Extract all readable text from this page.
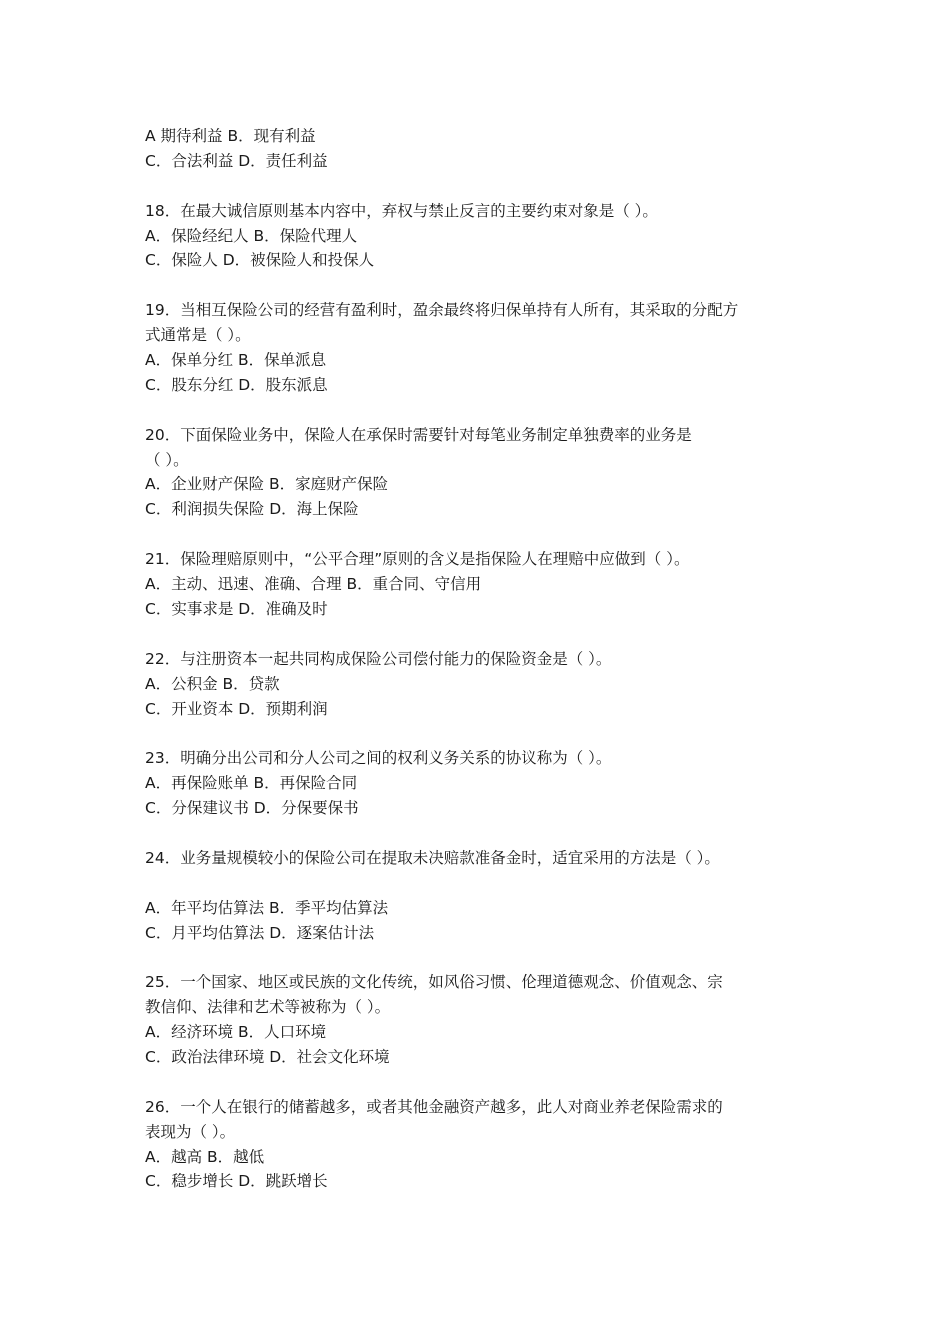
A 期待利益 B．现有利益
C．合法利益 D．责任利益
18．在最大诚信原则基本内容中，弃权与禁止反言的主要约束对象是（ ）。
A．保险经纪人 B．保险代理人
C．保险人 D．被保险人和投保人
19．当相互保险公司的经营有盈利时，盈余最终将归保单持有人所有，其采取的分配方
式通常是（ ）。
A．保单分红 B．保单派息
C．股东分红 D．股东派息
20．下面保险业务中，保险人在承保时需要针对每笔业务制定单独费率的业务是
（ ）。
A．企业财产保险 B．家庭财产保险
C．利润损失保险 D．海上保险
21．保险理赔原则中，“公平合理”原则的含义是指保险人在理赔中应做到（ ）。
A．主动、迅速、准确、合理 B．重合同、守信用
C．实事求是 D．准确及时
22．与注册资本一起共同构成保险公司偿付能力的保险资金是（ ）。
A．公积金 B．贷款
C．开业资本 D．预期利润
23．明确分出公司和分人公司之间的权利义务关系的协议称为（ ）。
A．再保险账单 B．再保险合同
C．分保建议书 D．分保要保书
24．业务量规模较小的保险公司在提取未决赔款准备金时，适宜采用的方法是（ ）。
A．年平均估算法 B．季平均估算法
C．月平均估算法 D．逐案估计法
25．一个国家、地区或民族的文化传统，如风俗习惯、伦理道德观念、价值观念、宗
教信仰、法律和艺术等被称为（ ）。
A．经济环境 B．人口环境
C．政治法律环境 D．社会文化环境
26．一个人在银行的储蓄越多，或者其他金融资产越多，此人对商业养老保险需求的
表现为（ ）。
A．越高 B．越低
C．稳步增长 D．跳跃增长
